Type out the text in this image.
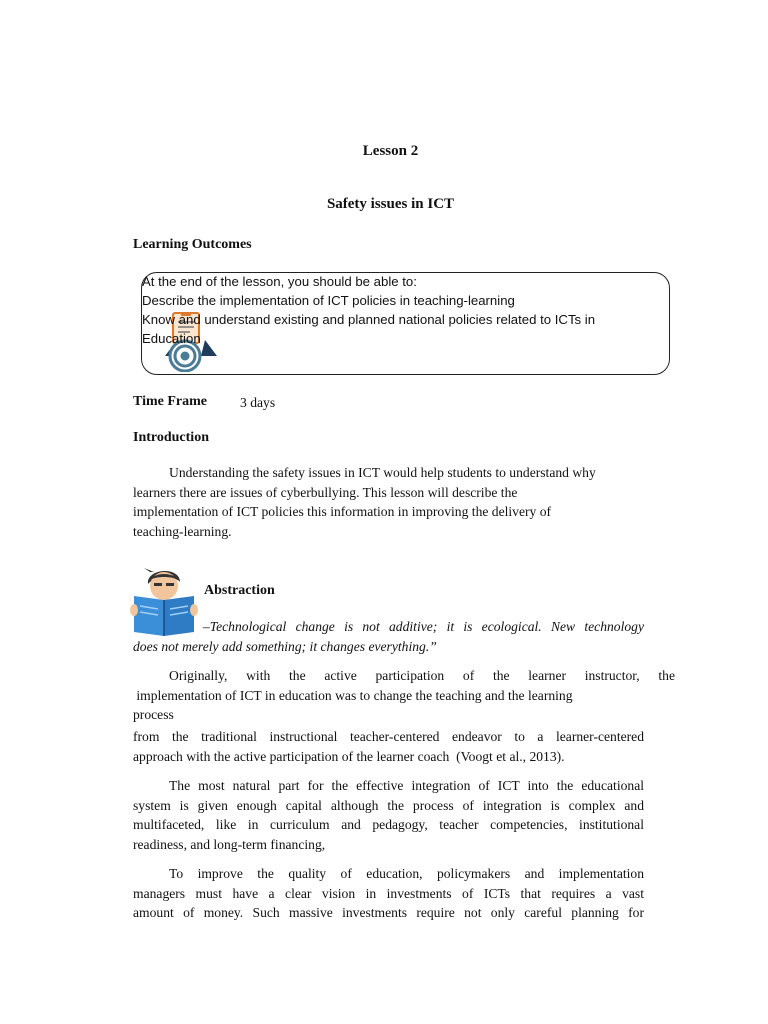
Lesson 2
Safety issues in ICT
Learning Outcomes
At the end of the lesson, you should be able to:
Describe the implementation of ICT policies in teaching-learning
Know and understand existing and planned national policies related to ICTs in
Education
Time Frame 3 days
Introduction
Understanding the safety issues in ICT would help students to understand why
learners there are issues of cyberbullying. This lesson will describe the
implementation of ICT policies this information in improving the delivery of
teaching-learning.
Abstraction
–Technological change is not additive; it is ecological. New technology
does not merely add something; it changes everything.”
Originally, with the active participation of the learner instructor, the
implementation of ICT in education was to change the teaching and the learning
process
from the traditional instructional teacher-centered endeavor to a learner-centered
approach with the active participation of the learner coach  (Voogt et al., 2013).
The most natural part for the effective integration of ICT into the educational
system is given enough capital although the process of integration is complex and
multifaceted, like in curriculum and pedagogy, teacher competencies, institutional
readiness, and long-term financing,
To improve the quality of education, policymakers and implementation
managers must have a clear vision in investments of ICTs that requires a vast
amount of money. Such massive investments require not only careful planning for
